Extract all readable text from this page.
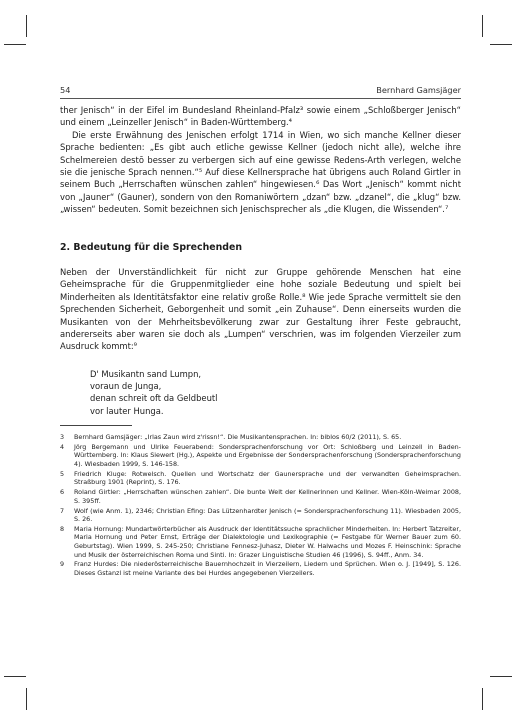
54	Bernhard Gamsjäger

ther Jenisch“ in der Eifel im Bundesland Rheinland-Pfalz³ sowie einem „Schloßberger Jenisch“ und einem „Leinzeller Jenisch“ in Baden-Württemberg.⁴

Die erste Erwähnung des Jenischen erfolgt 1714 in Wien, wo sich manche Kellner dieser Sprache bedienten: „Es gibt auch etliche gewisse Kellner (jedoch nicht alle), welche ihre Schelmereien destō besser zu verbergen sich auf eine gewisse Redens-Arth verlegen, welche sie die jenische Sprach nennen.“⁵ Auf diese Kellnersprache hat übrigens auch Roland Girtler in seinem Buch „Herrschaften wünschen zahlen“ hingewiesen.⁶ Das Wort „Jenisch“ kommt nicht von „Jauner“ (Gauner), sondern von den Romaniwörtern „dzan“ bzw. „dzanel“, die „klug“ bzw. „wissen“ bedeuten. Somit bezeichnen sich Jenischsprecher als „die Klugen, die Wissenden“.⁷

2. Bedeutung für die Sprechenden

Neben der Unverständlichkeit für nicht zur Gruppe gehörende Menschen hat eine Geheimsprache für die Gruppenmitglieder eine hohe soziale Bedeutung und spielt bei Minderheiten als Identitätsfaktor eine relativ große Rolle.⁸ Wie jede Sprache vermittelt sie den Sprechenden Sicherheit, Geborgenheit und somit „ein Zuhause“. Denn einerseits wurden die Musikanten von der Mehrheitsbevölkerung zwar zur Gestaltung ihrer Feste gebraucht, andererseits aber waren sie doch als „Lumpen“ verschrien, was im folgenden Vierzeiler zum Ausdruck kommt:⁹

D' Musikantn sand Lumpn,
voraun de Junga,
denan schreit oft da Geldbeutl
vor lauter Hunga.
3	Bernhard Gamsjäger: „Irlas Zaun wird z'rissn!“. Die Musikantensprachen. In: biblos 60/2 (2011), S. 65.
4	Jörg Bergemann und Ulrike Feuerabend: Sondersprachenforschung vor Ort: Schloßberg und Leinzell in Baden-Württemberg. In: Klaus Siewert (Hg.), Aspekte und Ergebnisse der Sondersprachenforschung (Sondersprachenforschung 4). Wiesbaden 1999, S. 146-158.
5	Friedrich Kluge: Rotwelsch. Quellen und Wortschatz der Gaunersprache und der verwandten Geheimsprachen. Straßburg 1901 (Reprint), S. 176.
6	Roland Girtler: „Herrschaften wünschen zahlen“. Die bunte Welt der Kellnerinnen und Kellner. Wien-Köln-Weimar 2008, S. 395ff.
7	Wolf (wie Anm. 1), 2346; Christian Efing: Das Lützenhardter Jenisch (= Sondersprachenforschung 11). Wiesbaden 2005, S. 26.
8	Maria Hornung: Mundartwörterbücher als Ausdruck der Identitätssuche sprachlicher Minderheiten. In: Herbert Tatzreiter, Maria Hornung und Peter Ernst, Erträge der Dialektologie und Lexikographie (= Festgabe für Werner Bauer zum 60. Geburtstag). Wien 1999, S. 245-250; Christiane Fennesz-Juhasz, Dieter W. Halwachs und Mozes F. Heinschink: Sprache und Musik der österreichischen Roma und Sinti. In: Grazer Linguistische Studien 46 (1996), S. 94ff., Anm. 34.
9	Franz Hurdes: Die niederösterreichische Bauernhochzeit in Vierzeilern, Liedern und Sprüchen. Wien o. J. [1949], S. 126. Dieses Gstanzl ist meine Variante des bei Hurdes angegebenen Vierzeilers.
